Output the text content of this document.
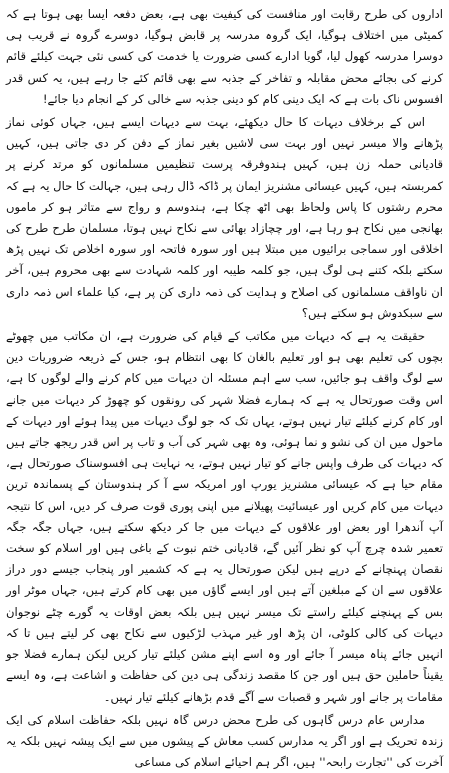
اداروں کی طرح رقابت اور منافست کی کیفیت بھی ہے، بعض دفعہ ایسا بھی ہوتا ہے کہ کمیٹی میں اختلاف ہوگیا، ایک گروہ مدرسہ پر قابض ہوگیا، دوسرے گروہ نے قریب ہی دوسرا مدرسہ کھول لیا، گویا ادارے کسی ضرورت یا خدمت کی کسی نئی جہت کیلئے قائم کرنے کی بجائے محض مقابلہ و تفاخر کے جذبہ سے بھی قائم کئے جا رہے ہیں، یہ کس قدر افسوس ناک بات ہے کہ ایک دینی کام کو دینی جذبہ سے خالی کر کے انجام دیا جائے!

اس کے برخلاف دیہات کا حال دیکھئے، بہت سے دیہات ایسے ہیں، جہاں کوئی نماز پڑھانے والا میسر نہیں اور بہت سی لاشیں بغیر نماز کے دفن کر دی جاتی ہیں، کہیں قادیانی حملہ زن ہیں، کہیں ہندوفرقہ پرست تنظیمیں مسلمانوں کو مرتد کرنے پر کمربستہ ہیں، کہیں عیسائی مشنریز ایمان پر ڈاکہ ڈال رہی ہیں، جہالت کا حال یہ ہے کہ محرم رشتوں کا پاس ولحاظ بھی اٹھ چکا ہے، ہندوسم و رواج سے متاثر ہو کر ماموں بھانجی میں نکاح ہو رہا ہے، اور چچازاد بھائی سے نکاح نہیں ہوتا، مسلمان طرح طرح کی اخلاقی اور سماجی برائیوں میں مبتلا ہیں اور سورہ فاتحہ اور سورہ اخلاص تک نہیں پڑھ سکتے بلکہ کتنے ہی لوگ ہیں، جو کلمہ طیبہ اور کلمہ شہادت سے بھی محروم ہیں، آخر ان ناواقف مسلمانوں کی اصلاح و ہدایت کی ذمہ داری کن پر ہے، کیا علماء اس ذمہ داری سے سبکدوش ہو سکتے ہیں؟

حقیقت یہ ہے کہ دیہات میں مکاتب کے قیام کی ضرورت ہے، ان مکاتب میں چھوٹے بچوں کی تعلیم بھی ہو اور تعلیم بالغان کا بھی انتظام ہو، جس کے ذریعہ ضروریات دین سے لوگ واقف ہو جائیں، سب سے اہم مسئلہ ان دیہات میں کام کرنے والے لوگوں کا ہے، اس وقت صورتحال یہ ہے کہ ہمارے فضلا شہر کی رونقوں کو چھوڑ کر دیہات میں جانے اور کام کرنے کیلئے تیار نہیں ہوتے، یہاں تک کہ جو لوگ دیہات میں پیدا ہوئے اور دیہات کے ماحول میں ان کی نشو و نما ہوئی، وہ بھی شہر کی آب و تاب پر اس قدر ریجھ جاتے ہیں کہ دیہات کی طرف واپس جانے کو تیار نہیں ہوتے، یہ نہایت ہی افسوسناک صورتحال ہے، مقام حیا ہے کہ عیسائی مشنریز یورپ اور امریکہ سے آ کر ہندوستان کے پسماندہ ترین دیہات میں کام کریں اور عیسائیت پھیلانے میں اپنی پوری قوت صرف کر دیں، اس کا نتیجہ آپ آندھرا اور بعض اور علاقوں کے دیہات میں جا کر دیکھ سکتے ہیں، جہاں جگہ جگہ تعمیر شدہ چرچ آپ کو نظر آئیں گے، قادیانی ختم نبوت کے باغی ہیں اور اسلام کو سخت نقصان پہنچانے کے درپے ہیں لیکن صورتحال یہ ہے کہ کشمیر اور پنجاب جیسے دور دراز علاقوں سے ان کے مبلغین آتے ہیں اور ایسے گاؤں میں بھی کام کرتے ہیں، جہاں موٹر اور بس کے پہنچنے کیلئے راستے تک میسر نہیں ہیں بلکہ بعض اوقات یہ گورے چٹے نوجوان دیہات کی کالی کلوٹی، ان پڑھ اور غیر مہذب لڑکیوں سے نکاح بھی کر لیتے ہیں تا کہ انہیں جائے پناہ میسر آ جائے اور وہ اسے اپنے مشن کیلئے تیار کریں لیکن ہمارے فضلا جو یقیناً حاملین حق ہیں اور جن کا مقصد زندگی ہی دین کی حفاظت و اشاعت ہے، وہ ایسے مقامات پر جانے اور شہر و قصبات سے آگے قدم بڑھانے کیلئے تیار نہیں۔

مدارس عام درس گاہوں کی طرح محض درس گاہ نہیں بلکہ حفاظت اسلام کی ایک زندہ تحریک ہے اور اگر یہ مدارس کسب معاش کے پیشوں میں سے ایک پیشہ نہیں بلکہ یہ آخرت کی ''تجارت رابحہ'' ہیں، اگر ہم احیائے اسلام کی مساعی
